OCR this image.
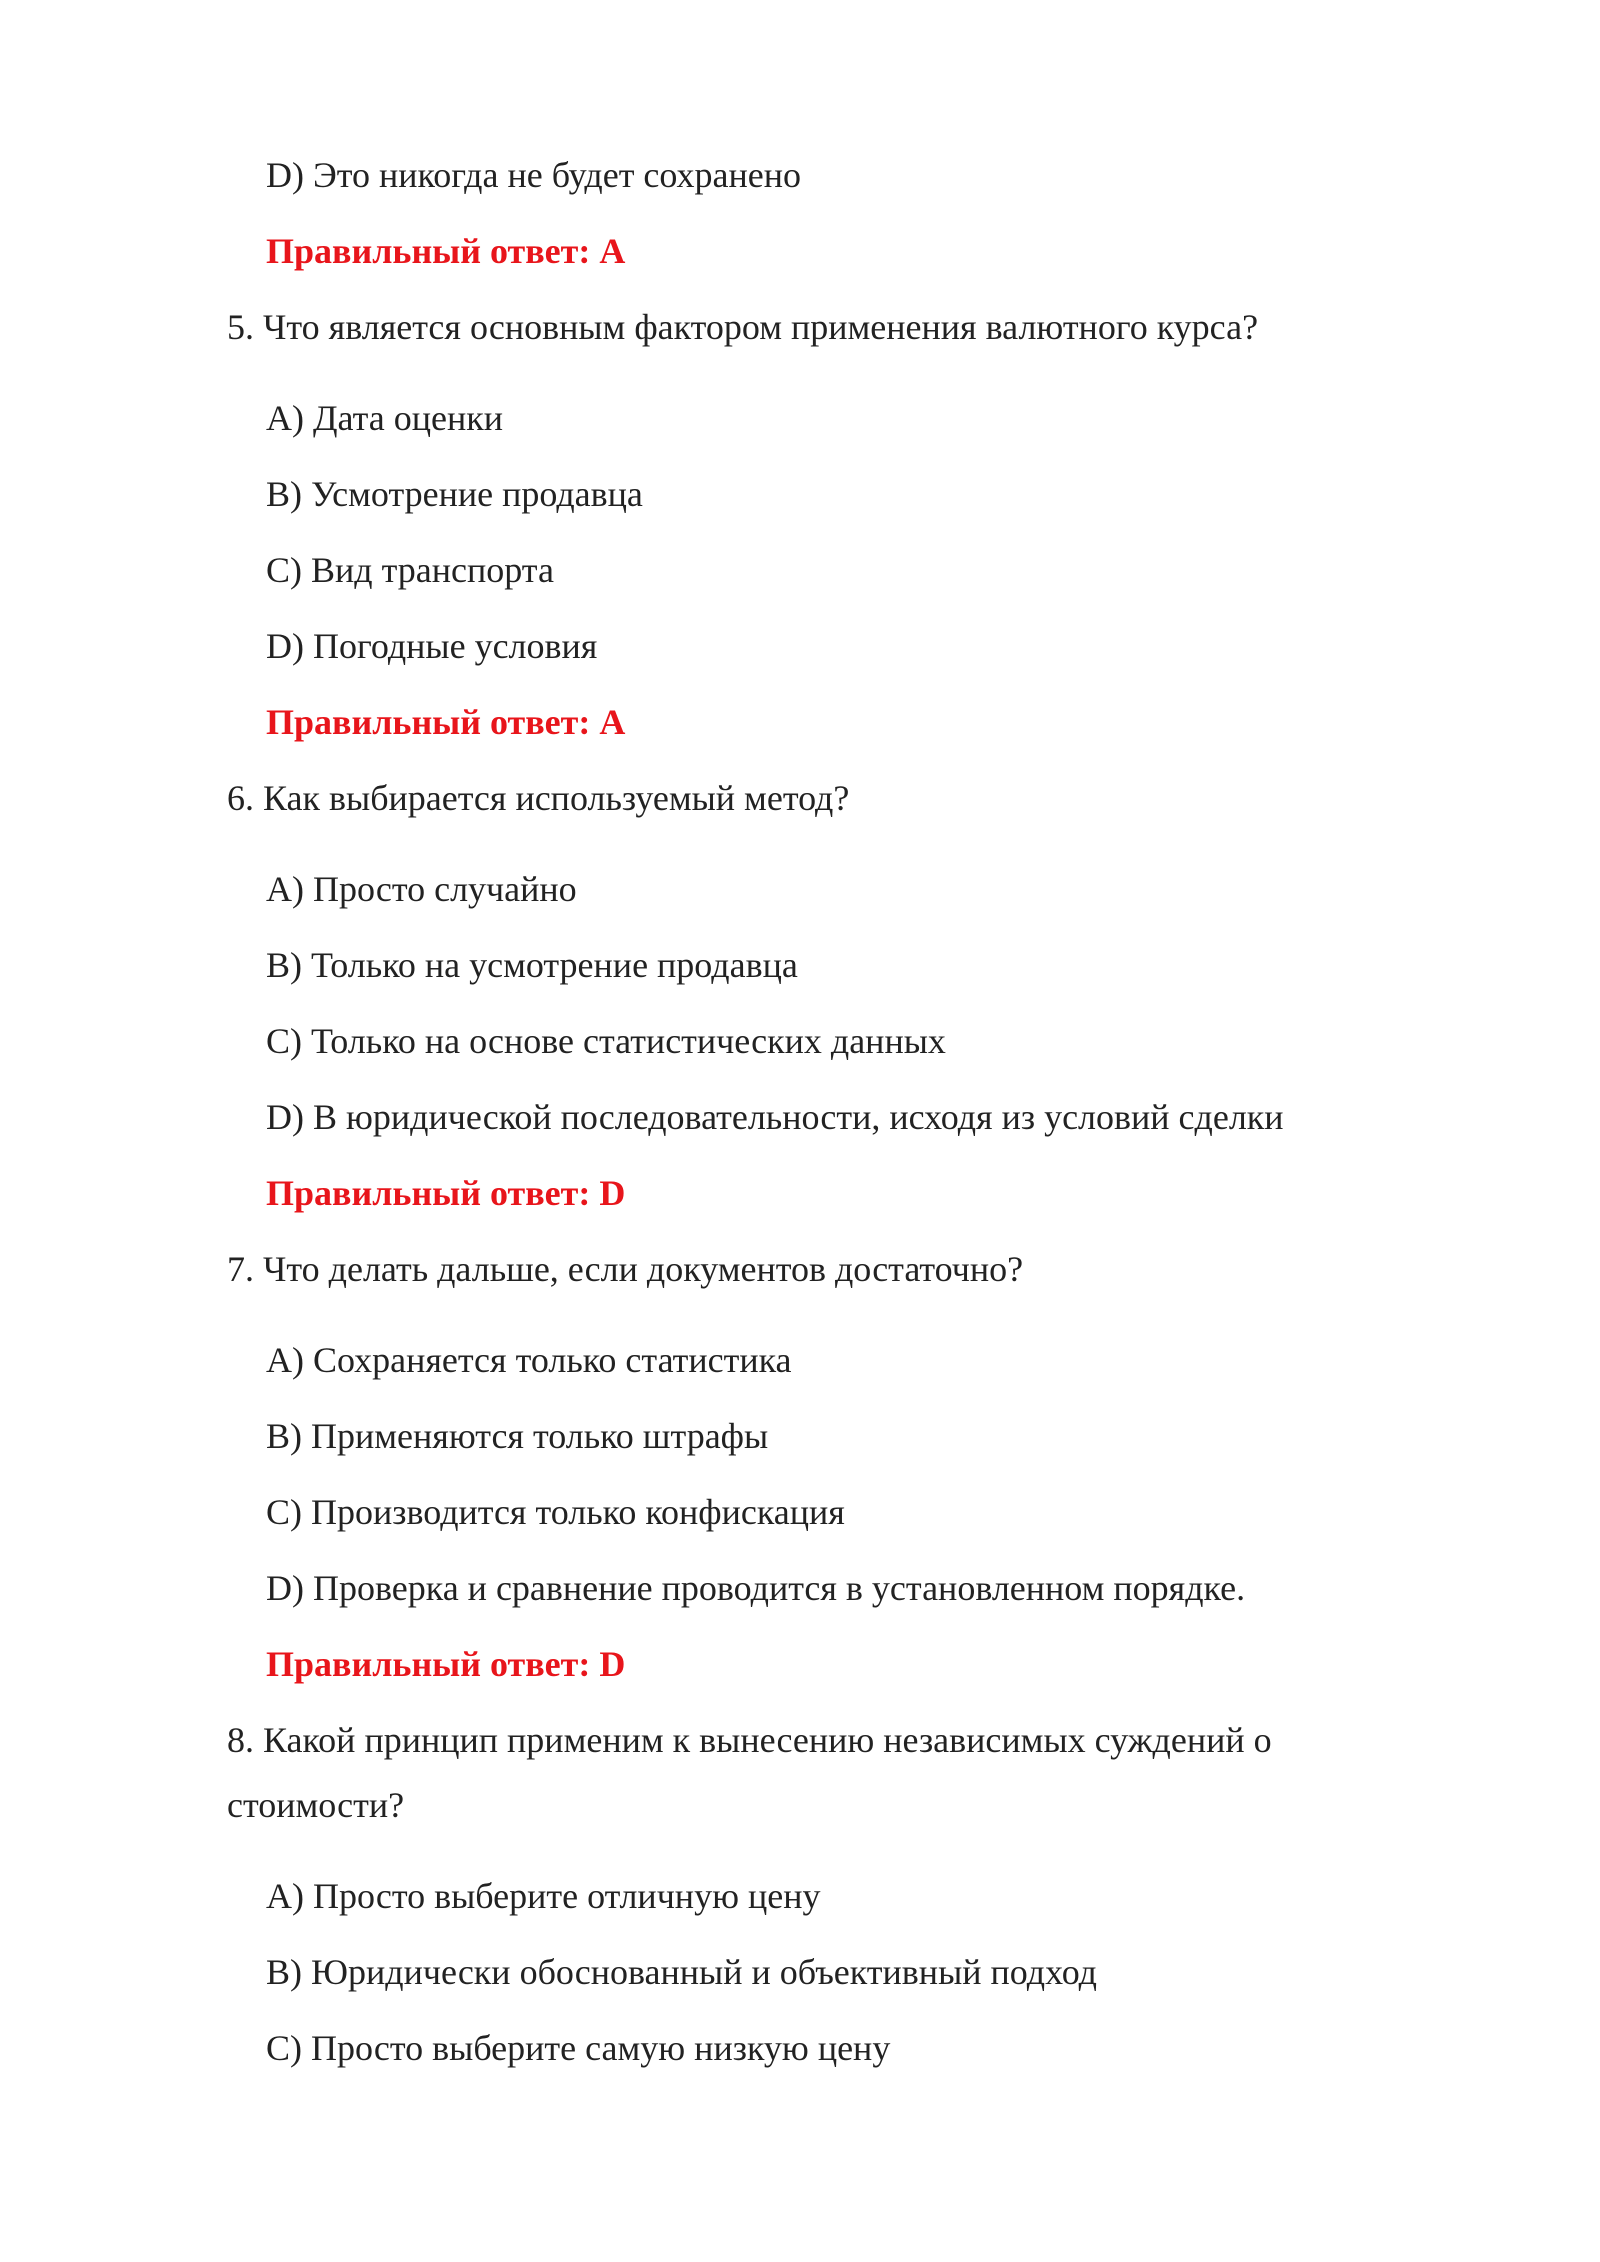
D) Это никогда не будет сохранено
Правильный ответ: A
5. Что является основным фактором применения валютного курса?
A) Дата оценки
B) Усмотрение продавца
C) Вид транспорта
D) Погодные условия
Правильный ответ: A
6. Как выбирается используемый метод?
A) Просто случайно
B) Только на усмотрение продавца
C) Только на основе статистических данных
D) В юридической последовательности, исходя из условий сделки
Правильный ответ: D
7. Что делать дальше, если документов достаточно?
A) Сохраняется только статистика
B) Применяются только штрафы
C) Производится только конфискация
D) Проверка и сравнение проводится в установленном порядке.
Правильный ответ: D
8. Какой принцип применим к вынесению независимых суждений о
стоимости?
A) Просто выберите отличную цену
B) Юридически обоснованный и объективный подход
C) Просто выберите самую низкую цену
